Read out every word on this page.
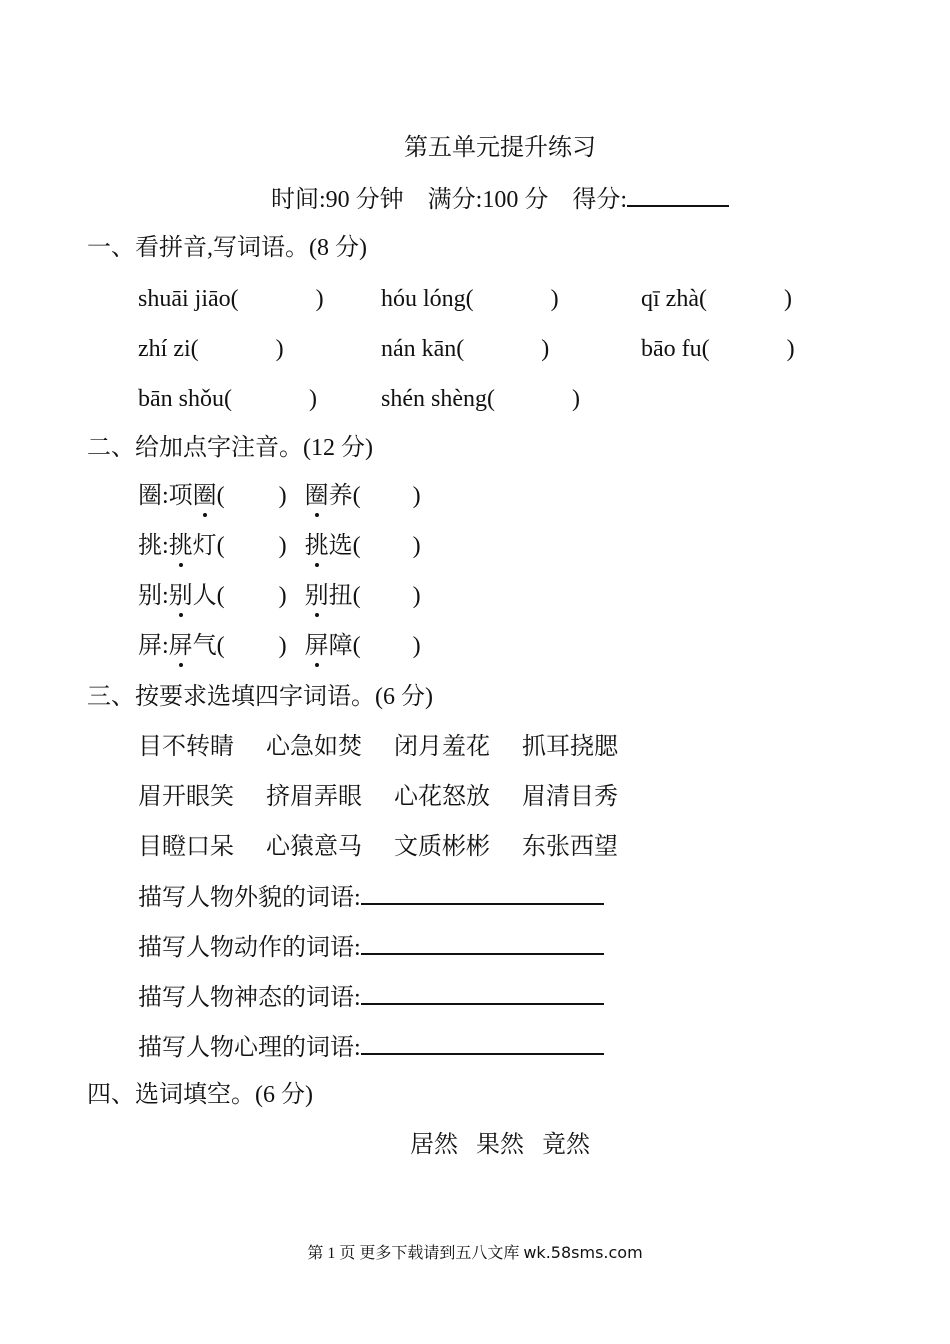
第五单元提升练习
时间:90 分钟 满分:100 分 得分:
一、看拼音,写词语。(8 分)
shuāi jiāo(	) hóu lóng(	)	qī zhà(	)
zhí zi(	)	nán kān(	)	bāo fu(	)
bān shǒu(	)	shén shèng(	)
二、给加点字注音。(12 分)
圈:项圈( ) 圈养( )
挑:挑灯( ) 挑选( )
别:别人( ) 别扭( )
屏:屏气( ) 屏障( )
三、按要求选填四字词语。(6 分)
目不转睛 心急如焚 闭月羞花 抓耳挠腮
眉开眼笑 挤眉弄眼 心花怒放 眉清目秀
目瞪口呆 心猿意马 文质彬彬 东张西望
描写人物外貌的词语:
描写人物动作的词语:
描写人物神态的词语:
描写人物心理的词语:
四、选词填空。(6 分)
居然 果然 竟然
第 1 页 更多下载请到五八文库 wk.58sms.com
